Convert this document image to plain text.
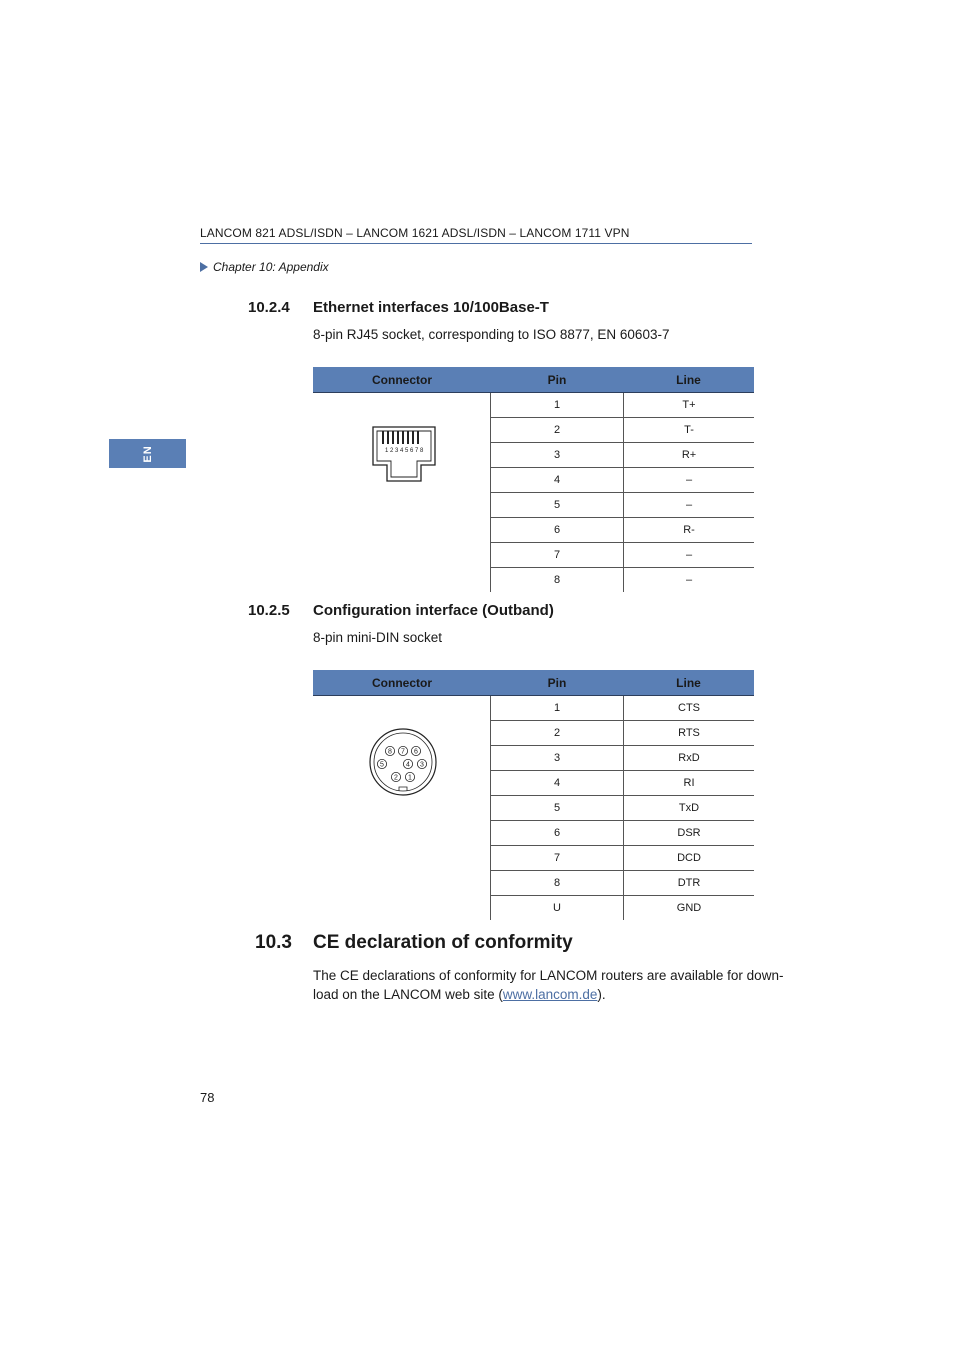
LANCOM 821 ADSL/ISDN – LANCOM 1621 ADSL/ISDN – LANCOM 1711 VPN
Chapter 10: Appendix
EN
10.2.4 Ethernet interfaces 10/100Base-T
8-pin RJ45 socket, corresponding to ISO 8877, EN 60603-7
Connector	Pin	Line
1 2 3 4 5 6 7 8
1	T+
2	T-
3	R+
4	–
5	–
6	R-
7	–
8	–
10.2.5 Configuration interface (Outband)
8-pin mini-DIN socket
Connector	Pin	Line
8 7 6
5	4 3
2 1
1	CTS
2	RTS
3	RxD
4	RI
5	TxD
6	DSR
7	DCD
8	DTR
U	GND
10.3 CE declaration of conformity
The CE declarations of conformity for LANCOM routers are available for down-
load on the LANCOM web site (www.lancom.de).
78
